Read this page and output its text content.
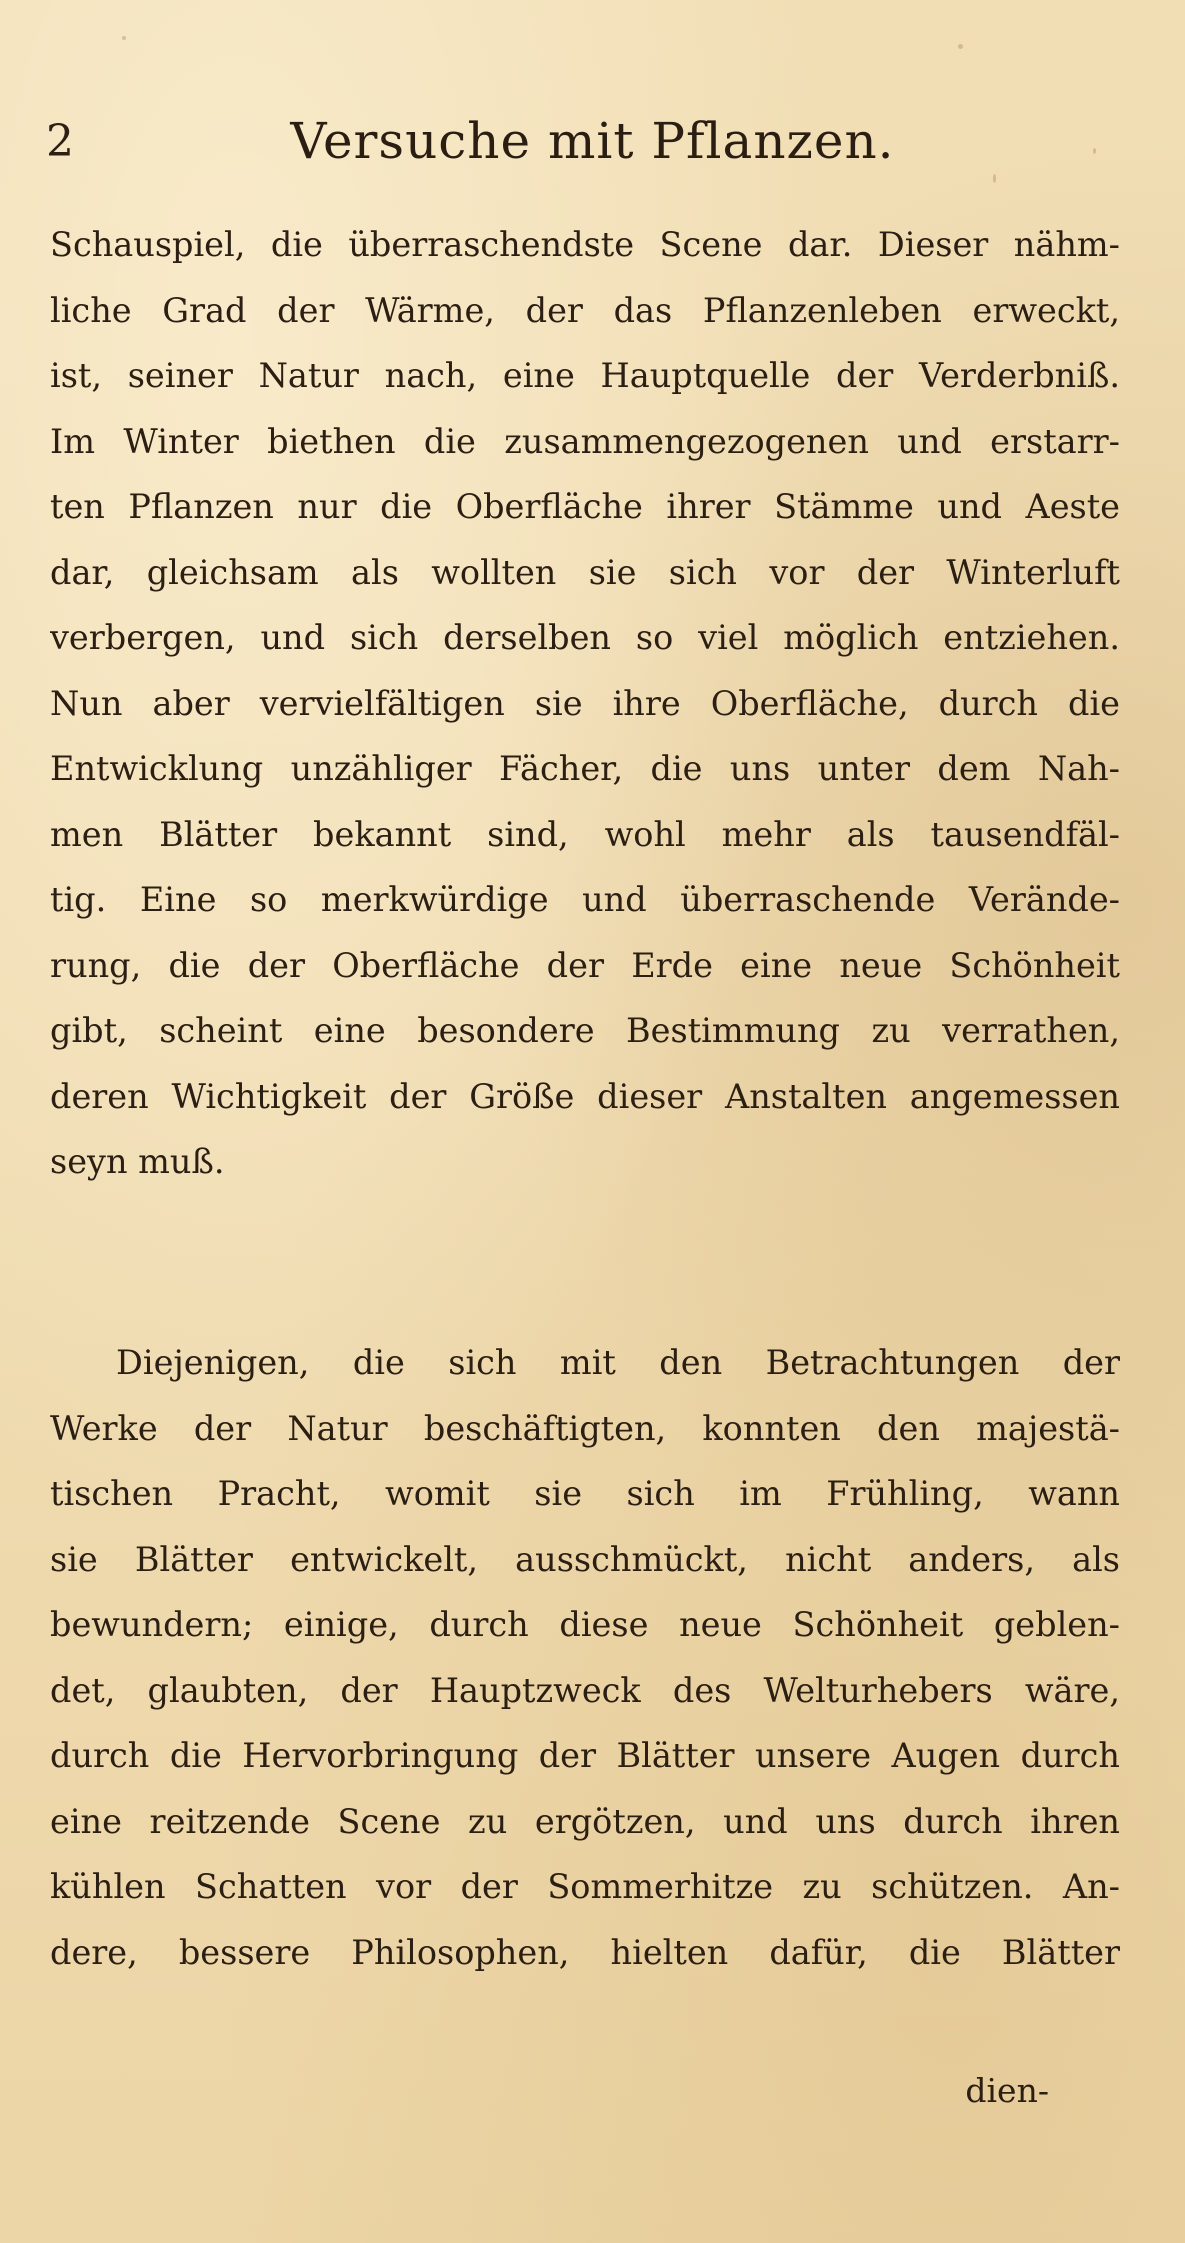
2	Versuche mit Pflanzen.
Schauspiel, die überraschendste Scene dar. Dieser nähm-
liche Grad der Wärme, der das Pflanzenleben erweckt,
ist, seiner Natur nach, eine Hauptquelle der Verderbniß.
Im Winter biethen die zusammengezogenen und erstarr-
ten Pflanzen nur die Oberfläche ihrer Stämme und Aeste
dar, gleichsam als wollten sie sich vor der Winterluft
verbergen, und sich derselben so viel möglich entziehen.
Nun aber vervielfältigen sie ihre Oberfläche, durch die
Entwicklung unzähliger Fächer, die uns unter dem Nah-
men Blätter bekannt sind, wohl mehr als tausendfäl-
tig. Eine so merkwürdige und überraschende Verände-
rung, die der Oberfläche der Erde eine neue Schönheit
gibt, scheint eine besondere Bestimmung zu verrathen,
deren Wichtigkeit der Größe dieser Anstalten angemessen
seyn muß.
Diejenigen, die sich mit den Betrachtungen der
Werke der Natur beschäftigten, konnten den majestä-
tischen Pracht, womit sie sich im Frühling, wann
sie Blätter entwickelt, ausschmückt, nicht anders, als
bewundern; einige, durch diese neue Schönheit geblen-
det, glaubten, der Hauptzweck des Welturhebers wäre,
durch die Hervorbringung der Blätter unsere Augen durch
eine reitzende Scene zu ergötzen, und uns durch ihren
kühlen Schatten vor der Sommerhitze zu schützen. An-
dere, bessere Philosophen, hielten dafür, die Blätter
dien-
